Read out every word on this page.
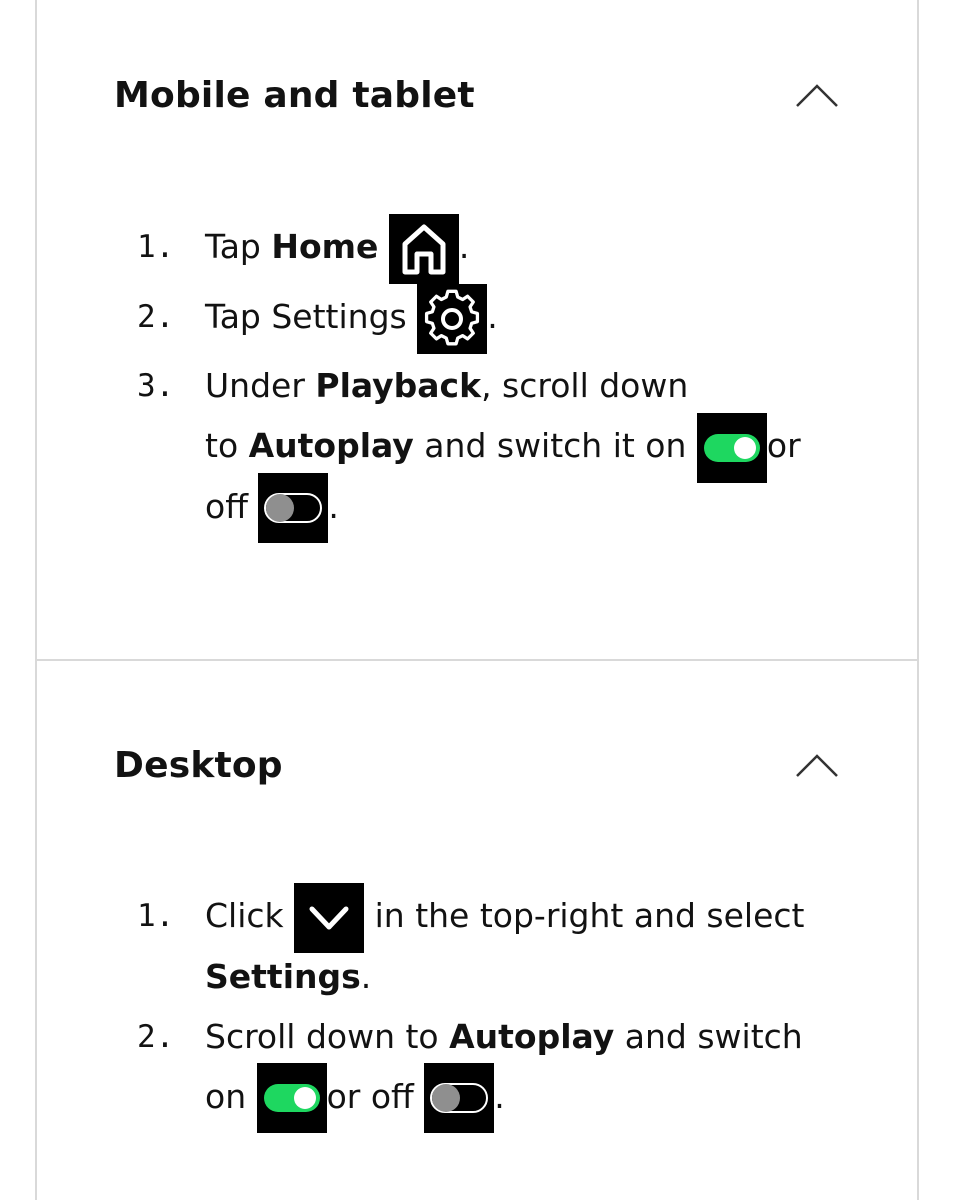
Mobile and tablet
1. Tap Home .
2. Tap Settings
.
3. Under Playback, scroll down
to Autoplay and switch it on
or
off
.
Desktop
1. Click
in the top-right and select
Settings.
2. Scroll down to Autoplay and switch
on
or off
.
